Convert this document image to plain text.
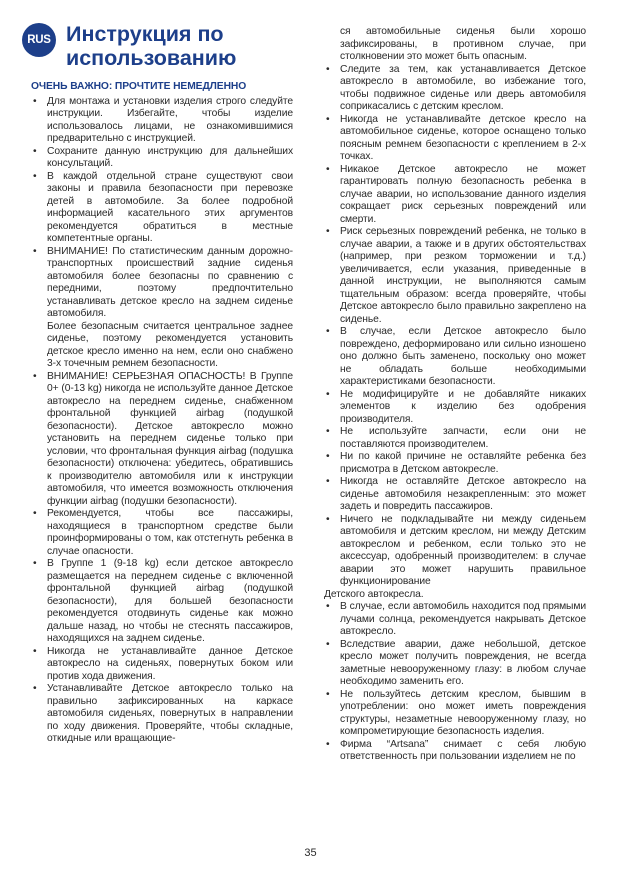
RUS Инструкция по
использованию

ОЧЕНЬ ВАЖНО: ПРОЧТИТЕ НЕМЕДЛЕННО

• Для монтажа и установки изделия строго следуйте инструкции. Избегайте, чтобы изделие использовалось лицами, не ознакомившимися предварительно с инструкцией.
• Сохраните данную инструкцию для дальнейших консультаций.
• В каждой отдельной стране существуют свои законы и правила безопасности при перевозке детей в автомобиле. За более подробной информацией касательного этих аргументов рекомендуется обратиться в местные компетентные органы.
• ВНИМАНИЕ! По статистическим данным дорожно-транспортных происшествий задние сиденья автомобиля более безопасны по сравнению с передними, поэтому предпочтительно устанавливать детское кресло на заднем сиденье автомобиля.
Более безопасным считается центральное заднее сиденье, поэтому рекомендуется установить детское кресло именно на нем, если оно снабжено 3-х точечным ремнем безопасности.
• ВНИМАНИЕ! СЕРЬЕЗНАЯ ОПАСНОСТЬ! В Группе 0+ (0-13 kg) никогда не используйте данное Детское автокресло на переднем сиденье, снабженном фронтальной функцией airbag (подушкой безопасности). Детское автокресло можно установить на переднем сиденье только при условии, что фронтальная функция airbag (подушка безопасности) отключена: убедитесь, обратившись к производителю автомобиля или к инструкции автомобиля, что имеется возможность отключения функции airbag (подушки безопасности).
• Рекомендуется, чтобы все пассажиры, находящиеся в транспортном средстве были проинформированы о том, как отстегнуть ребенка в случае опасности.
• В Группе 1 (9-18 kg) если детское автокресло размещается на переднем сиденье с включенной фронтальной функцией airbag (подушкой безопасности), для большей безопасности рекомендуется отодвинуть сиденье как можно дальше назад, но чтобы не стеснять пассажиров, находящихся на заднем сиденье.
• Никогда не устанавливайте данное Детское автокресло на сиденьях, повернутых боком или против хода движения.
• Устанавливайте Детское автокресло только на правильно зафиксированных на каркасе автомобиля сиденьях, повернутых в направлении по ходу движения. Проверяйте, чтобы складные, откидные или вращающие-
ся автомобильные сиденья были хорошо зафиксированы, в противном случае, при столкновении это может быть опасным.
• Следите за тем, как устанавливается Детское автокресло в автомобиле, во избежание того, чтобы подвижное сиденье или дверь автомобиля соприкасались с детским креслом.
• Никогда не устанавливайте детское кресло на автомобильное сиденье, которое оснащено только поясным ремнем безопасности с креплением в 2-х точках.
• Никакое Детское автокресло не может гарантировать полную безопасность ребенка в случае аварии, но использование данного изделия сокращает риск серьезных повреждений или смерти.
• Риск серьезных повреждений ребенка, не только в случае аварии, а также и в других обстоятельствах (например, при резком торможении и т.д.) увеличивается, если указания, приведенные в данной инструкции, не выполняются самым тщательным образом: всегда проверяйте, чтобы Детское автокресло было правильно закреплено на сиденье.
• В случае, если Детское автокресло было повреждено, деформировано или сильно изношено оно должно быть заменено, поскольку оно может не обладать больше необходимыми характеристиками безопасности.
• Не модифицируйте и не добавляйте никаких элементов к изделию без одобрения производителя.
• Не используйте запчасти, если они не поставляются производителем.
• Ни по какой причине не оставляйте ребенка без присмотра в Детском автокресле.
• Никогда не оставляйте Детское автокресло на сиденье автомобиля незакрепленным: это может задеть и повредить пассажиров.
• Ничего не подкладывайте ни между сиденьем автомобиля и детским креслом, ни между Детским автокреслом и ребенком, если только это не аксессуар, одобренный производителем: в случае аварии это может нарушить правильное функционирование

Детского автокресла.

• В случае, если автомобиль находится под прямыми лучами солнца, рекомендуется накрывать Детское автокресло.
• Вследствие аварии, даже небольшой, детское кресло может получить повреждения, не всегда заметные невооруженному глазу: в любом случае необходимо заменить его.
• Не пользуйтесь детским креслом, бывшим в употреблении: оно может иметь повреждения структуры, незаметные невооруженному глазу, но компрометирующие безопасность изделия.
• Фирма “Artsana” снимает с себя любую ответственность при пользовании изделием не по
35
